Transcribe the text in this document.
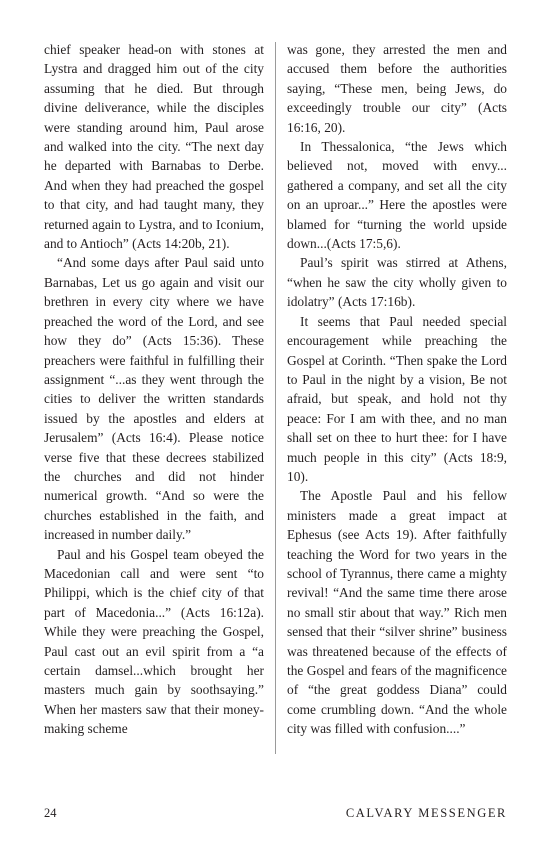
chief speaker head-on with stones at Lystra and dragged him out of the city assuming that he died. But through divine deliverance, while the disciples were standing around him, Paul arose and walked into the city. “The next day he departed with Barnabas to Derbe. And when they had preached the gospel to that city, and had taught many, they returned again to Lystra, and to Iconium, and to Antioch” (Acts 14:20b, 21).

“And some days after Paul said unto Barnabas, Let us go again and visit our brethren in every city where we have preached the word of the Lord, and see how they do” (Acts 15:36). These preachers were faithful in fulfilling their assignment “...as they went through the cities to deliver the written standards issued by the apostles and elders at Jerusalem” (Acts 16:4). Please notice verse five that these decrees stabilized the churches and did not hinder numerical growth. “And so were the churches established in the faith, and increased in number daily.”

Paul and his Gospel team obeyed the Macedonian call and were sent “to Philippi, which is the chief city of that part of Macedonia...” (Acts 16:12a). While they were preaching the Gospel, Paul cast out an evil spirit from a “a certain damsel...which brought her masters much gain by soothsaying.” When her masters saw that their money-making scheme

was gone, they arrested the men and accused them before the authorities saying, “These men, being Jews, do exceedingly trouble our city” (Acts 16:16, 20).

In Thessalonica, “the Jews which believed not, moved with envy... gathered a company, and set all the city on an uproar...” Here the apostles were blamed for “turning the world upside down...(Acts 17:5,6).

Paul’s spirit was stirred at Athens, “when he saw the city wholly given to idolatry” (Acts 17:16b).

It seems that Paul needed special encouragement while preaching the Gospel at Corinth. “Then spake the Lord to Paul in the night by a vision, Be not afraid, but speak, and hold not thy peace: For I am with thee, and no man shall set on thee to hurt thee: for I have much people in this city” (Acts 18:9, 10).

The Apostle Paul and his fellow ministers made a great impact at Ephesus (see Acts 19). After faithfully teaching the Word for two years in the school of Tyrannus, there came a mighty revival! “And the same time there arose no small stir about that way.” Rich men sensed that their “silver shrine” business was threatened because of the effects of the Gospel and fears of the magnificence of “the great goddess Diana” could come crumbling down. “And the whole city was filled with confusion....”

24	CALVARY MESSENGER
